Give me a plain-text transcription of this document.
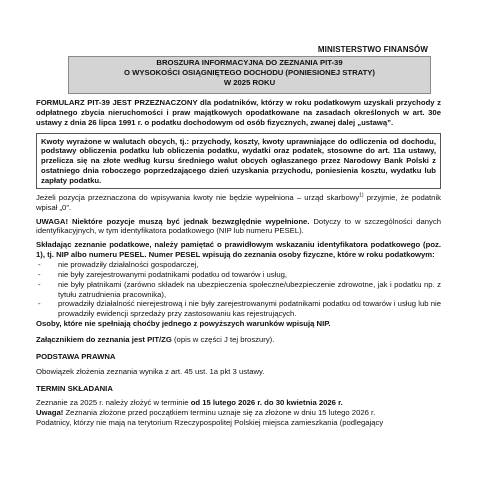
MINISTERSTWO FINANSÓW
BROSZURA INFORMACYJNA DO ZEZNANIA PIT-39
O WYSOKOŚCI OSIĄGNIĘTEGO DOCHODU (PONIESIONEJ STRATY)
W 2025 ROKU

FORMULARZ PIT-39 JEST PRZEZNACZONY dla podatników, którzy w roku podatkowym uzyskali przychody z odpłatnego zbycia nieruchomości i praw majątkowych opodatkowane na zasadach określonych w art. 30e ustawy z dnia 26 lipca 1991 r. o podatku dochodowym od osób fizycznych, zwanej dalej „ustawą”.

Kwoty wyrażone w walutach obcych, tj.: przychody, koszty, kwoty uprawniające do odliczenia od dochodu, podstawy obliczenia podatku lub obliczenia podatku, wydatki oraz podatek, stosowne do art. 11a ustawy, przelicza się na złote według kursu średniego walut obcych ogłaszanego przez Narodowy Bank Polski z ostatniego dnia roboczego poprzedzającego dzień uzyskania przychodu, poniesienia kosztu, wydatku lub zapłaty podatku.

Jeżeli pozycja przeznaczona do wpisywania kwoty nie będzie wypełniona – urząd skarbowy$^{1)}$ przyjmie, że podatnik wpisał „0”.

UWAGA! Niektóre pozycje muszą być jednak bezwzględnie wypełnione. Dotyczy to w szczególności danych identyfikacyjnych, w tym identyfikatora podatkowego (NIP lub numeru PESEL).

Składając zeznanie podatkowe, należy pamiętać o prawidłowym wskazaniu identyfikatora podatkowego (poz. 1), tj. NIP albo numeru PESEL. Numer PESEL wpisują do zeznania osoby fizyczne, które w roku podatkowym:

- nie prowadziły działalności gospodarczej,
- nie były zarejestrowanymi podatnikami podatku od towarów i usług,
- nie były płatnikami (zarówno składek na ubezpieczenia społeczne/ubezpieczenie zdrowotne, jak i podatku np. z tytułu zatrudnienia pracownika),
- prowadziły działalność nierejestrową i nie były zarejestrowanymi podatnikami podatku od towarów i usług lub nie prowadziły ewidencji sprzedaży przy zastosowaniu kas rejestrujących.

Osoby, które nie spełniają choćby jednego z powyższych warunków wpisują NIP.

Załącznikiem do zeznania jest PIT/ZG (opis w części J tej broszury).

PODSTAWA PRAWNA

Obowiązek złożenia zeznania wynika z art. 45 ust. 1a pkt 3 ustawy.

TERMIN SKŁADANIA

Zeznanie za 2025 r. należy złożyć w terminie od 15 lutego 2026 r. do 30 kwietnia 2026 r.

Uwaga! Zeznania złożone przed początkiem terminu uznaje się za złożone w dniu 15 lutego 2026 r.

Podatnicy, którzy nie mają na terytorium Rzeczypospolitej Polskiej miejsca zamieszkania (podlegający
